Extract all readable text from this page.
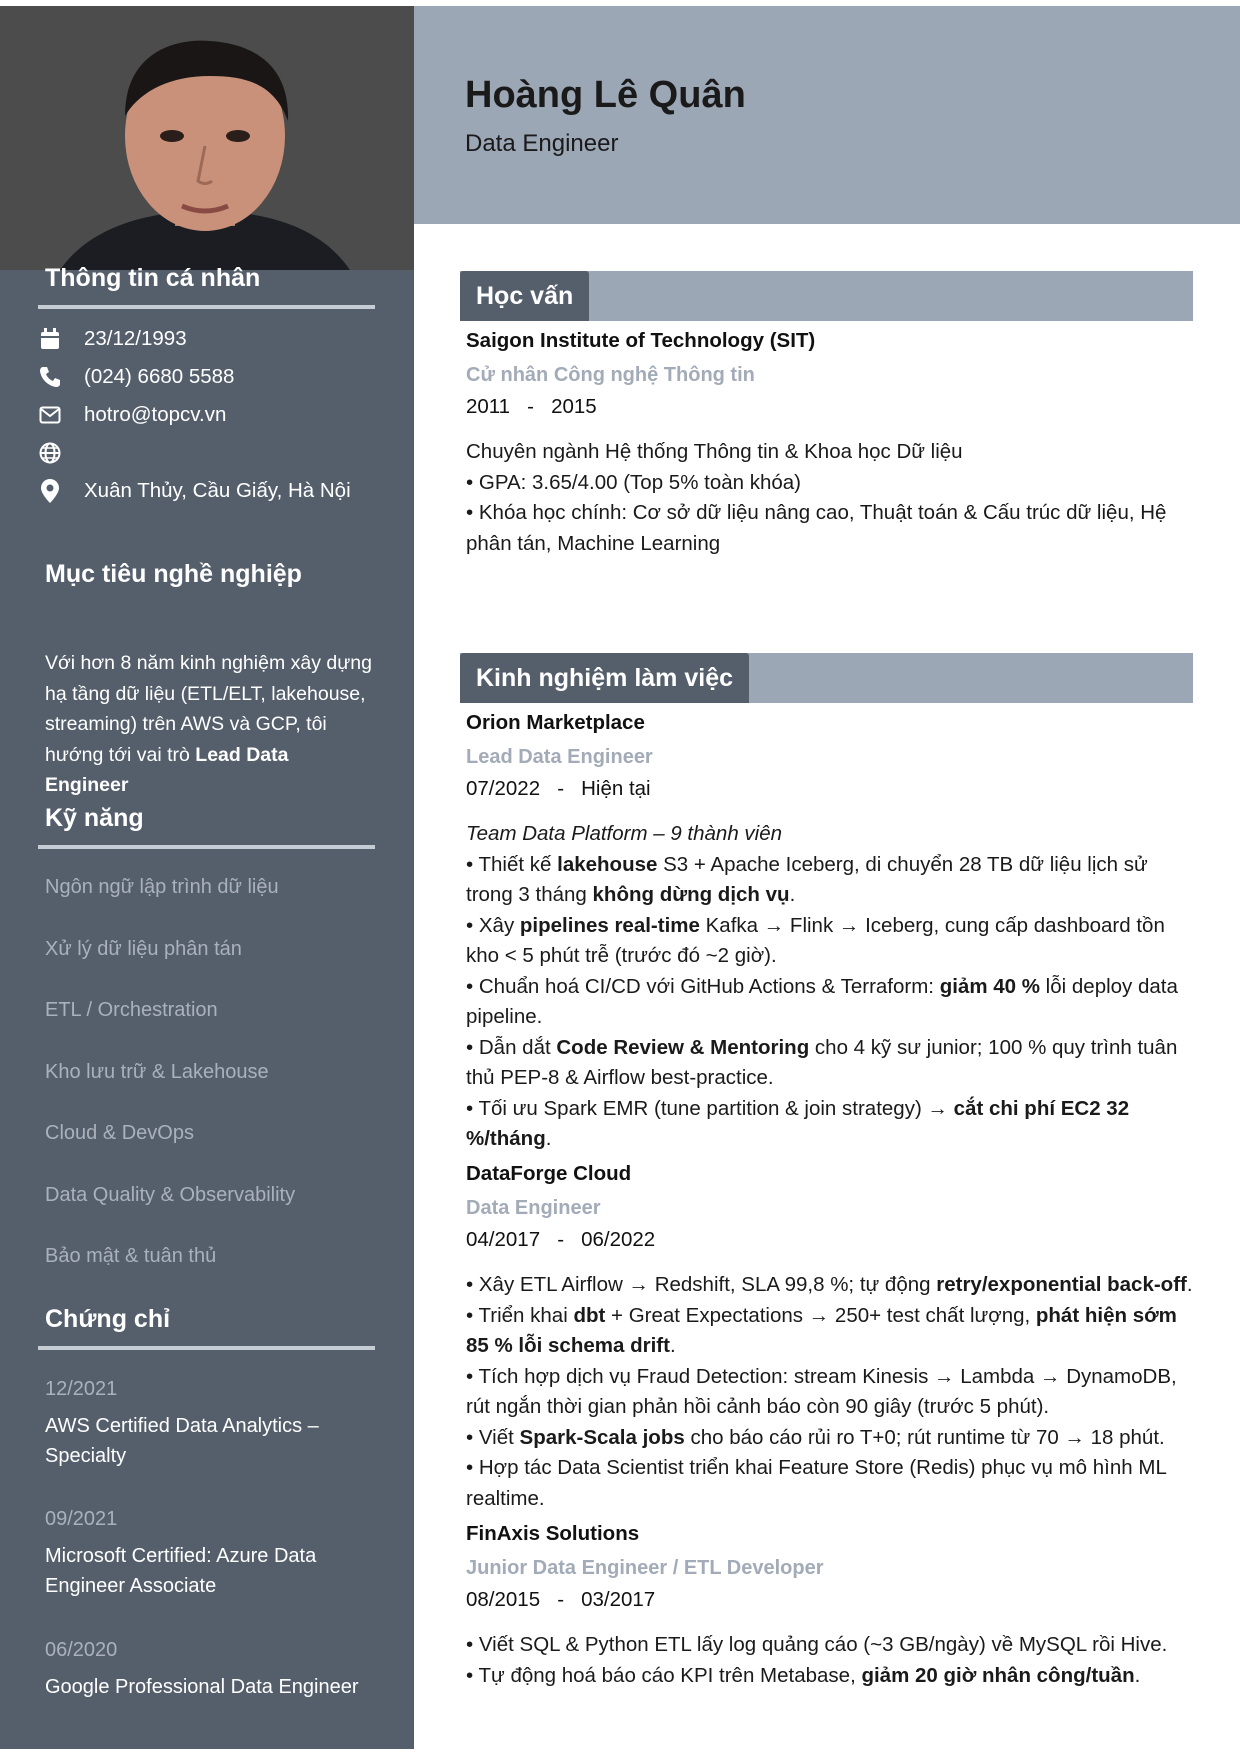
Thông tin cá nhân
23/12/1993
(024) 6680 5588
hotro@topcv.vn
Xuân Thủy, Cầu Giấy, Hà Nội
Mục tiêu nghề nghiệp
Với hơn 8 năm kinh nghiệm xây dựng hạ tầng dữ liệu (ETL/ELT, lakehouse, streaming) trên AWS và GCP, tôi hướng tới vai trò Lead Data Engineer
Kỹ năng
Ngôn ngữ lập trình dữ liệu
Xử lý dữ liệu phân tán
ETL / Orchestration
Kho lưu trữ & Lakehouse
Cloud & DevOps
Data Quality & Observability
Bảo mật & tuân thủ
Chứng chỉ
12/2021
AWS Certified Data Analytics – Specialty
09/2021
Microsoft Certified: Azure Data Engineer Associate
06/2020
Google Professional Data Engineer
Hoàng Lê Quân
Data Engineer
Học vấn
Saigon Institute of Technology (SIT)
Cử nhân Công nghệ Thông tin
2011   -   2015
Chuyên ngành Hệ thống Thông tin & Khoa học Dữ liệu
• GPA: 3.65/4.00 (Top 5% toàn khóa)
• Khóa học chính: Cơ sở dữ liệu nâng cao, Thuật toán & Cấu trúc dữ liệu, Hệ phân tán, Machine Learning
Kinh nghiệm làm việc
Orion Marketplace
Lead Data Engineer
07/2022   -   Hiện tại
Team Data Platform – 9 thành viên
• Thiết kế lakehouse S3 + Apache Iceberg, di chuyển 28 TB dữ liệu lịch sử trong 3 tháng không dừng dịch vụ.
• Xây pipelines real-time Kafka → Flink → Iceberg, cung cấp dashboard tồn kho < 5 phút trễ (trước đó ~2 giờ).
• Chuẩn hoá CI/CD với GitHub Actions & Terraform: giảm 40 % lỗi deploy data pipeline.
• Dẫn dắt Code Review & Mentoring cho 4 kỹ sư junior; 100 % quy trình tuân thủ PEP-8 & Airflow best-practice.
• Tối ưu Spark EMR (tune partition & join strategy) → cắt chi phí EC2 32 %/tháng.
DataForge Cloud
Data Engineer
04/2017   -   06/2022
• Xây ETL Airflow → Redshift, SLA 99,8 %; tự động retry/exponential back-off.
• Triển khai dbt + Great Expectations → 250+ test chất lượng, phát hiện sớm 85 % lỗi schema drift.
• Tích hợp dịch vụ Fraud Detection: stream Kinesis → Lambda → DynamoDB, rút ngắn thời gian phản hồi cảnh báo còn 90 giây (trước 5 phút).
• Viết Spark-Scala jobs cho báo cáo rủi ro T+0; rút runtime từ 70 → 18 phút.
• Hợp tác Data Scientist triển khai Feature Store (Redis) phục vụ mô hình ML realtime.
FinAxis Solutions
Junior Data Engineer / ETL Developer
08/2015   -   03/2017
• Viết SQL & Python ETL lấy log quảng cáo (~3 GB/ngày) về MySQL rồi Hive.
• Tự động hoá báo cáo KPI trên Metabase, giảm 20 giờ nhân công/tuần.
